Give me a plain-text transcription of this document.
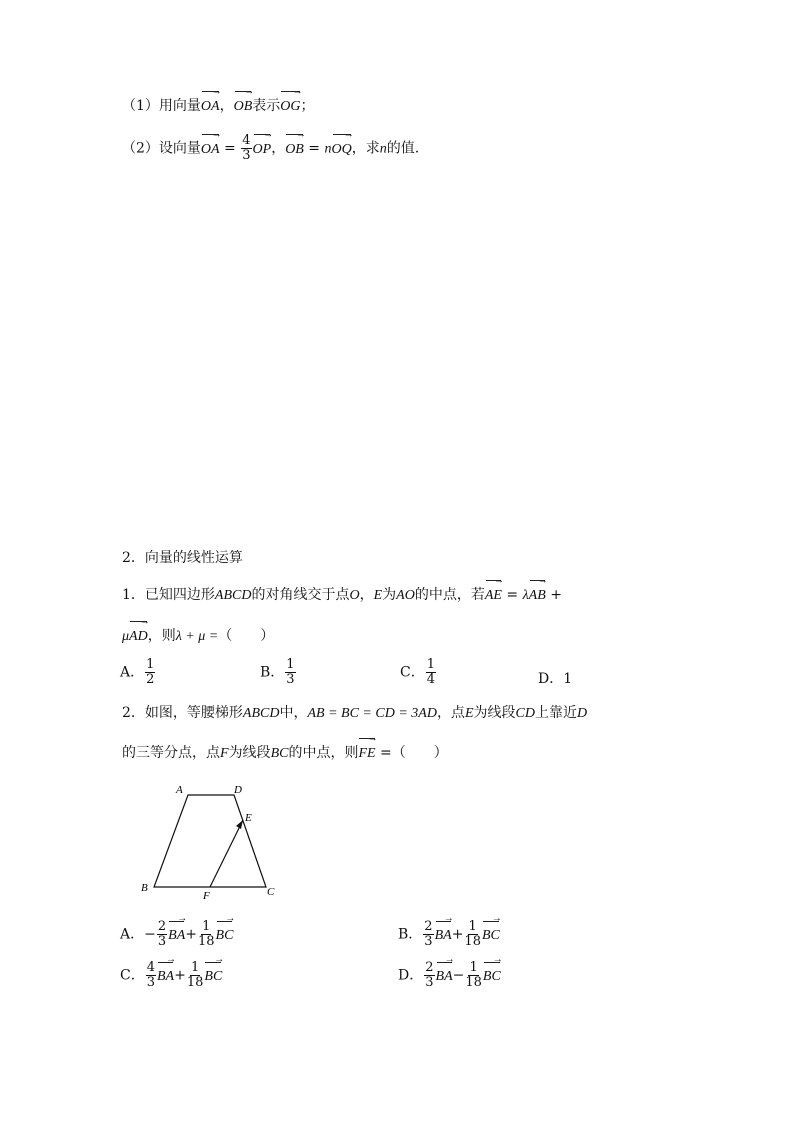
（1）用向量OA →，OB →表示OG →；
（2）设向量OA → = $\frac{4}{3}$ OP →，OB → = nOQ →，求n的值.
2．向量的线性运算
1．已知四边形ABCD的对角线交于点O，E为AO的中点，若AE → = λAB → +
μAD →，则λ + μ =（　　）
A． $\frac{1}{2}$	B． $\frac{1}{3}$	C． $\frac{1}{4}$	D．1
2．如图，等腰梯形ABCD中，AB = BC = CD = 3AD，点E为线段CD上靠近D
的三等分点，点F为线段BC的中点，则FE → =（　　）
A	D
E
B
F	C
A．− $\frac{2}{3}$ BA →+ $\frac{1}{18}$ BC →	B． $\frac{2}{3}$ BA →+ $\frac{1}{18}$ BC →
C． $\frac{4}{3}$ BA →+ $\frac{1}{18}$ BC →	D． $\frac{2}{3}$ BA →− $\frac{1}{18}$ BC →
